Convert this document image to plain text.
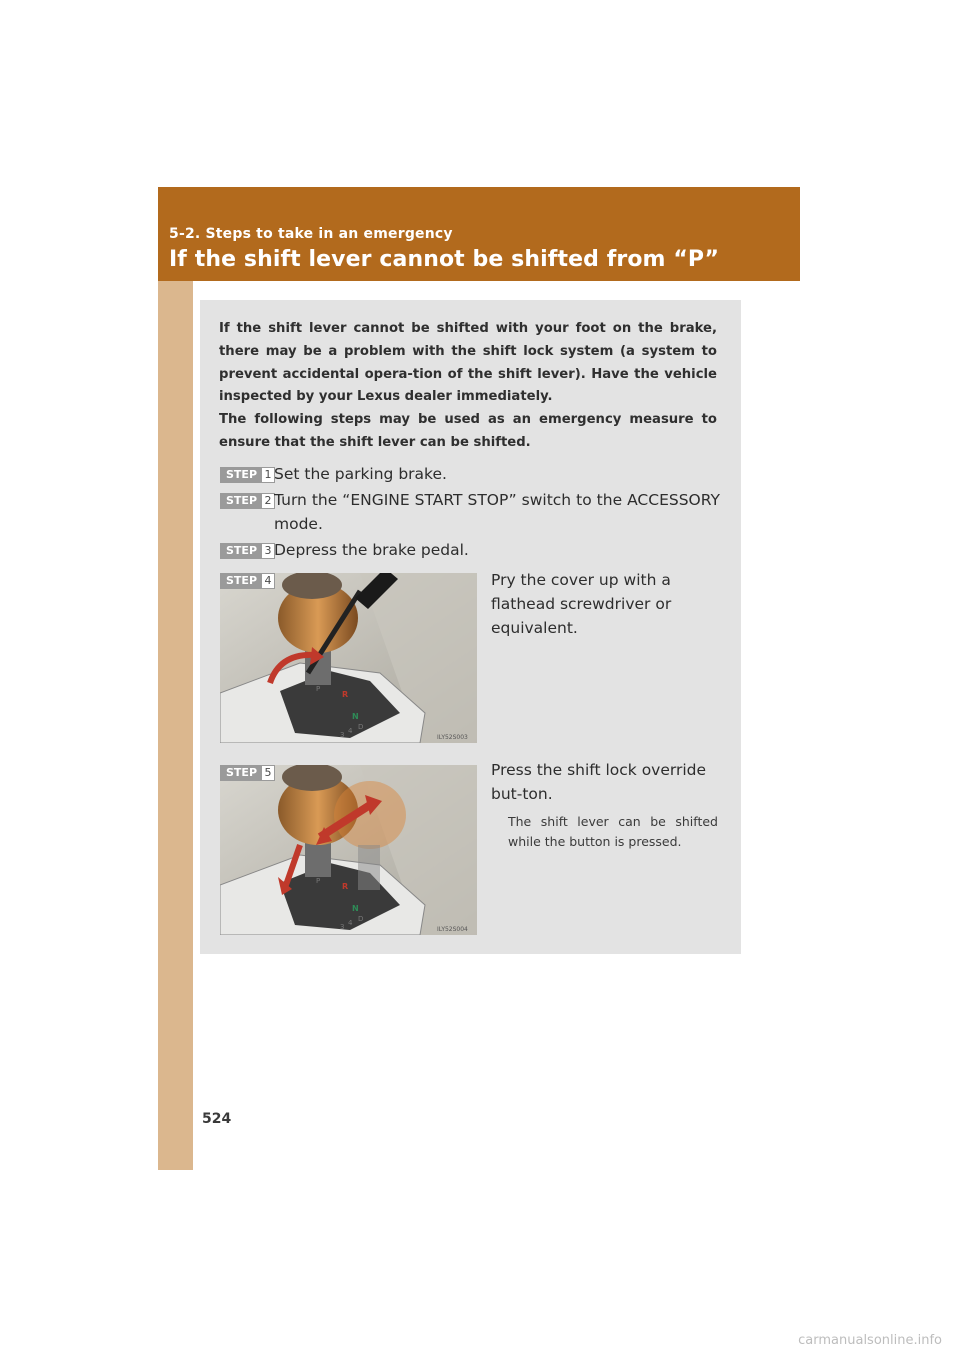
5-2. Steps to take in an emergency
If the shift lever cannot be shifted from “P”

If the shift lever cannot be shifted with your foot on the brake, there may be a problem with the shift lock system (a system to prevent accidental opera-tion of the shift lever). Have the vehicle inspected by your Lexus dealer immediately.

The following steps may be used as an emergency measure to ensure that the shift lever can be shifted.

STEP 1 Set the parking brake.
STEP 2 Turn the “ENGINE START STOP” switch to the ACCESSORY mode.
STEP 3 Depress the brake pedal.
P
R
N
D
4
3	ILY52S003
STEP 4	Pry the cover up with a flathead screwdriver or equivalent.
P
R
N
D
4
3	ILY52S004
STEP 5	Press the shift lock override but-ton.
The shift lever can be shifted while the button is pressed.
524
carmanualsonline.info
